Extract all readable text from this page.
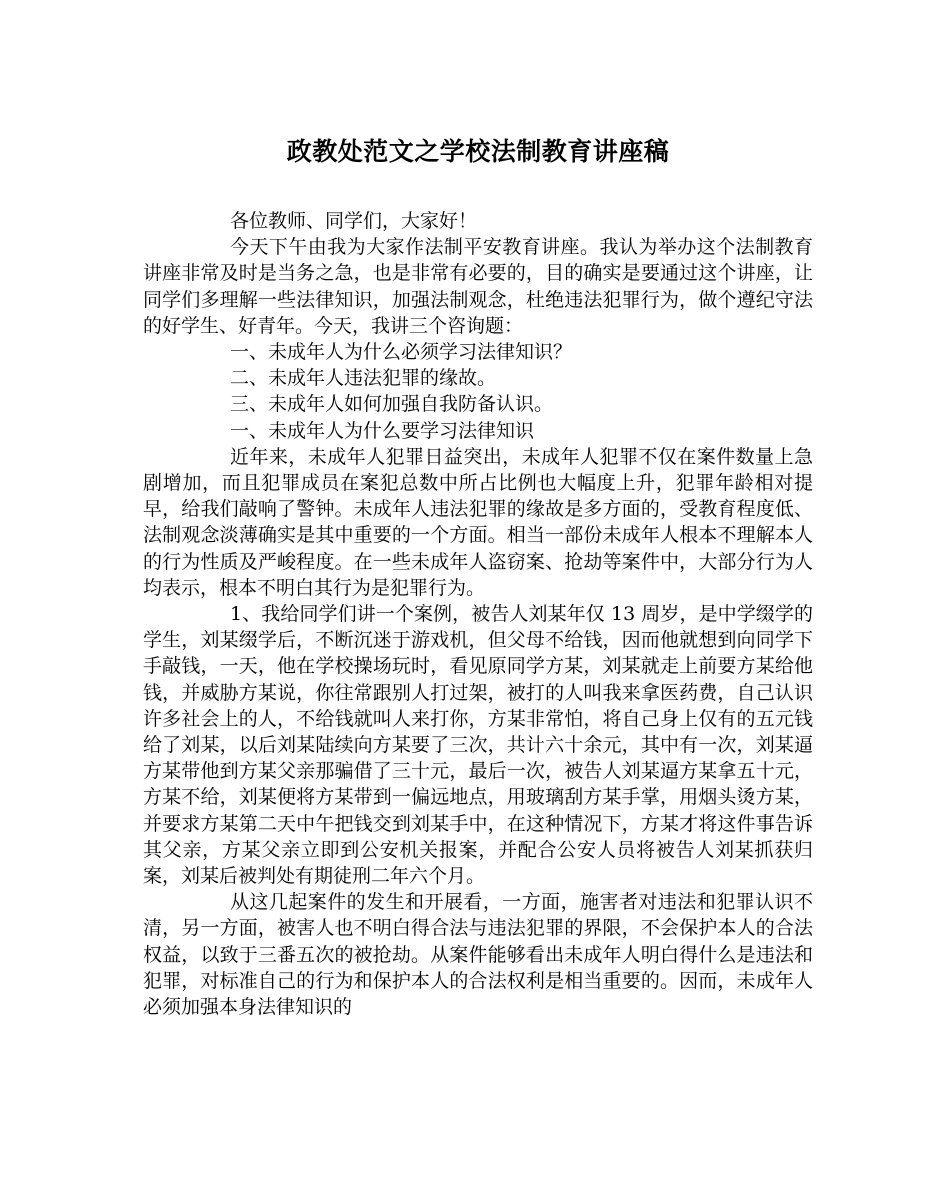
政教处范文之学校法制教育讲座稿

各位教师、同学们，大家好！

今天下午由我为大家作法制平安教育讲座。我认为举办这个法制教育讲座非常及时是当务之急，也是非常有必要的，目的确实是要通过这个讲座，让同学们多理解一些法律知识，加强法制观念，杜绝违法犯罪行为，做个遵纪守法的好学生、好青年。今天，我讲三个咨询题：

一、未成年人为什么必须学习法律知识？

二、未成年人违法犯罪的缘故。

三、未成年人如何加强自我防备认识。

一、未成年人为什么要学习法律知识

近年来，未成年人犯罪日益突出，未成年人犯罪不仅在案件数量上急剧增加，而且犯罪成员在案犯总数中所占比例也大幅度上升，犯罪年龄相对提早，给我们敲响了警钟。未成年人违法犯罪的缘故是多方面的，受教育程度低、法制观念淡薄确实是其中重要的一个方面。相当一部份未成年人根本不理解本人的行为性质及严峻程度。在一些未成年人盗窃案、抢劫等案件中，大部分行为人均表示，根本不明白其行为是犯罪行为。

1、我给同学们讲一个案例，被告人刘某年仅 13 周岁，是中学缀学的学生，刘某缀学后，不断沉迷于游戏机，但父母不给钱，因而他就想到向同学下手敲钱，一天，他在学校操场玩时，看见原同学方某，刘某就走上前要方某给他钱，并威胁方某说，你往常跟别人打过架，被打的人叫我来拿医药费，自己认识许多社会上的人，不给钱就叫人来打你，方某非常怕，将自己身上仅有的五元钱给了刘某，以后刘某陆续向方某要了三次，共计六十余元，其中有一次，刘某逼方某带他到方某父亲那骗借了三十元，最后一次，被告人刘某逼方某拿五十元，方某不给，刘某便将方某带到一偏远地点，用玻璃刮方某手掌，用烟头烫方某，并要求方某第二天中午把钱交到刘某手中，在这种情况下，方某才将这件事告诉其父亲，方某父亲立即到公安机关报案，并配合公安人员将被告人刘某抓获归案，刘某后被判处有期徒刑二年六个月。

从这几起案件的发生和开展看，一方面，施害者对违法和犯罪认识不清，另一方面，被害人也不明白得合法与违法犯罪的界限，不会保护本人的合法权益，以致于三番五次的被抢劫。从案件能够看出未成年人明白得什么是违法和犯罪，对标准自己的行为和保护本人的合法权利是相当重要的。因而，未成年人必须加强本身法律知识的
